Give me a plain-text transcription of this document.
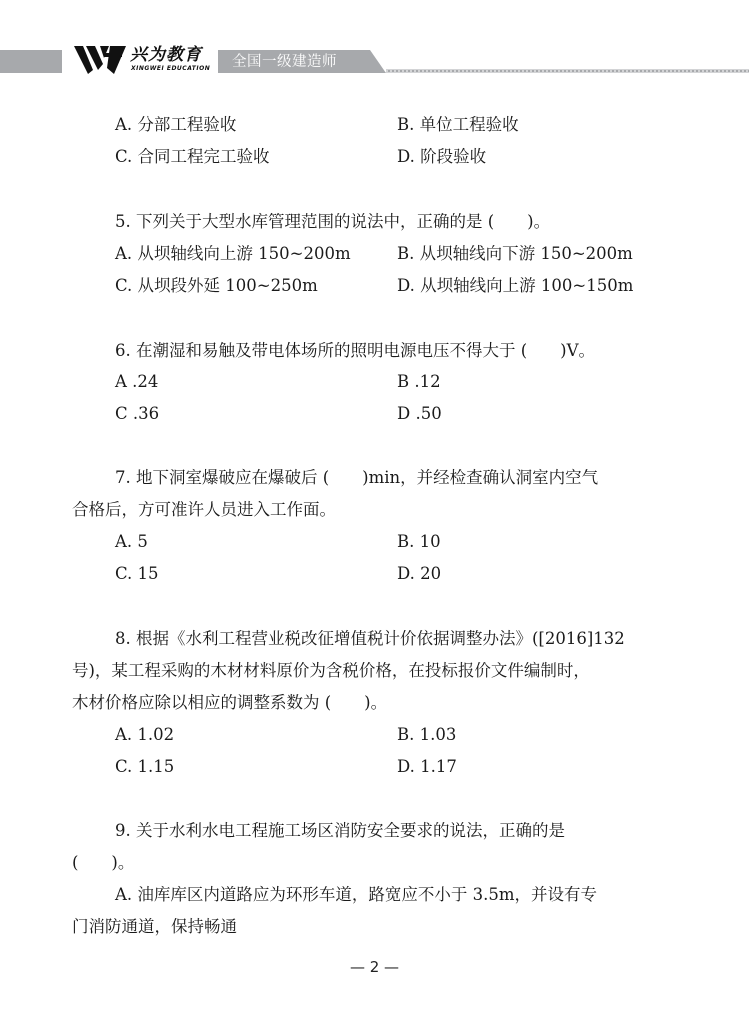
兴为教育
XINGWEI EDUCATION 全国一级建造师
A. 分部工程验收	B. 单位工程验收
C. 合同工程完工验收	D. 阶段验收
5. 下列关于大型水库管理范围的说法中，正确的是 (　　)。
A. 从坝轴线向上游 150~200m	B. 从坝轴线向下游 150~200m
C. 从坝段外延 100~250m	D. 从坝轴线向上游 100~150m
6. 在潮湿和易触及带电体场所的照明电源电压不得大于 (　　)V。
A .24	B .12
C .36	D .50
7. 地下洞室爆破应在爆破后 (　　)min，并经检查确认洞室内空气
合格后，方可准许人员进入工作面。
A. 5	B. 10
C. 15	D. 20
8. 根据《水利工程营业税改征增值税计价依据调整办法》([2016]132
号)，某工程采购的木材材料原价为含税价格，在投标报价文件编制时，
木材价格应除以相应的调整系数为 (　　)。
A. 1.02	B. 1.03
C. 1.15	D. 1.17
9. 关于水利水电工程施工场区消防安全要求的说法，正确的是
(　　)。
A. 油库库区内道路应为环形车道，路宽应不小于 3.5m，并设有专
门消防通道，保持畅通
— 2 —
